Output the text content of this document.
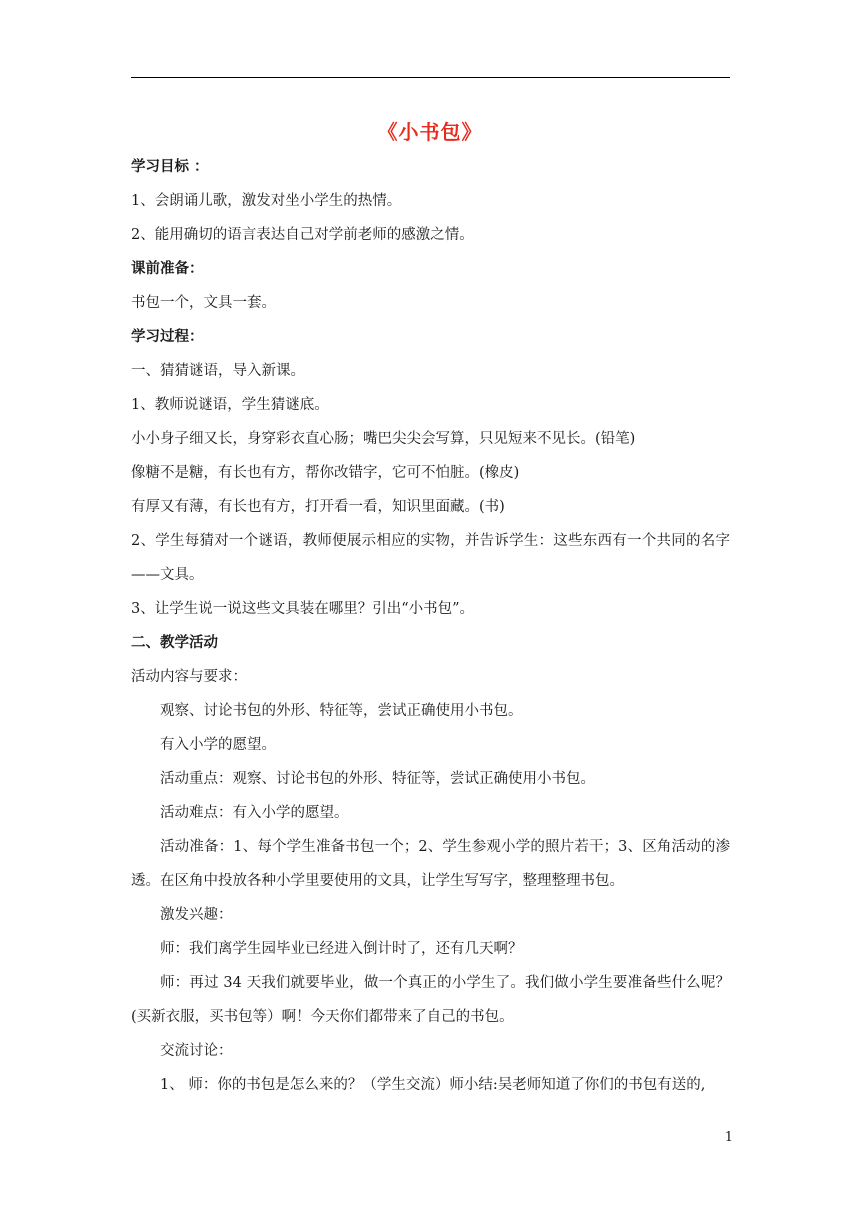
《小书包》
学习目标 ：
1、会朗诵儿歌，激发对坐小学生的热情。
2、能用确切的语言表达自己对学前老师的感激之情。
课前准备：
书包一个，文具一套。
学习过程：
一、猜猜谜语，导入新课。
1、教师说谜语，学生猜谜底。
小小身子细又长，身穿彩衣直心肠；嘴巴尖尖会写算，只见短来不见长。(铅笔)
像糖不是糖，有长也有方，帮你改错字，它可不怕脏。(橡皮)
有厚又有薄，有长也有方，打开看一看，知识里面藏。(书)
2、学生每猜对一个谜语，教师便展示相应的实物，并告诉学生：这些东西有一个共同的名字——文具。
3、让学生说一说这些文具装在哪里？引出“小书包”。
二、教学活动
活动内容与要求：
观察、讨论书包的外形、特征等，尝试正确使用小书包。
有入小学的愿望。
活动重点：观察、讨论书包的外形、特征等，尝试正确使用小书包。
活动难点：有入小学的愿望。
活动准备：1、每个学生准备书包一个；2、学生参观小学的照片若干；3、区角活动的渗透。在区角中投放各种小学里要使用的文具，让学生写写字，整理整理书包。
激发兴趣：
师：我们离学生园毕业已经进入倒计时了，还有几天啊？
师：再过 34 天我们就要毕业，做一个真正的小学生了。我们做小学生要准备些什么呢？(买新衣服，买书包等）啊！今天你们都带来了自己的书包。
交流讨论：
1、 师：你的书包是怎么来的？（学生交流）师小结:吴老师知道了你们的书包有送的,
1
